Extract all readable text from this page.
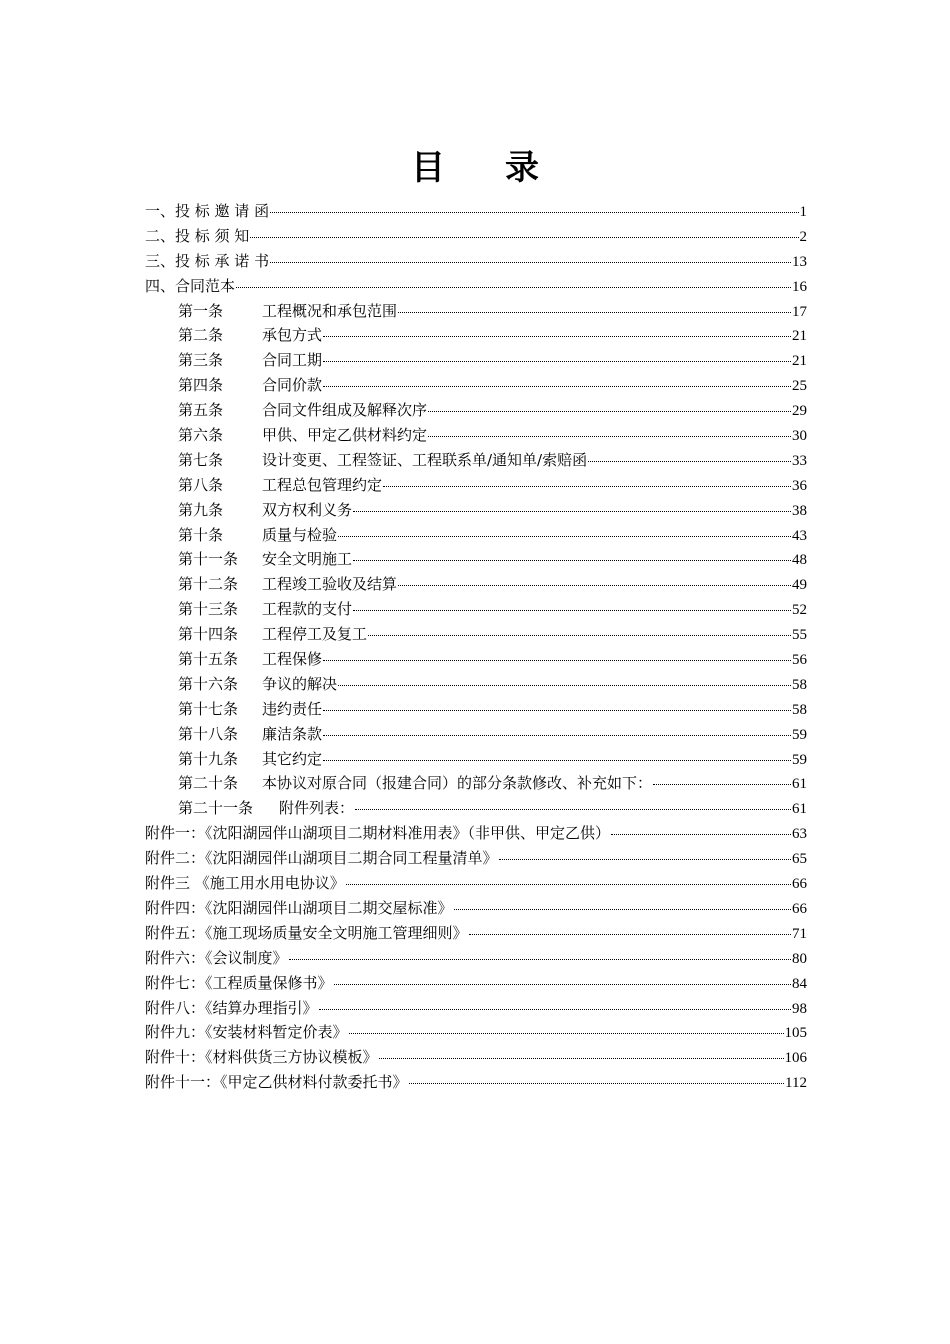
目 录
一、投 标 邀 请 函	1
二、投 标 须 知	2
三、投 标 承 诺 书	13
四、合同范本	16
第一条	工程概况和承包范围	17
第二条	承包方式	21
第三条	合同工期	21
第四条	合同价款	25
第五条	合同文件组成及解释次序	29
第六条	甲供、甲定乙供材料约定	30
第七条	设计变更、工程签证、工程联系单/通知单/索赔函	33
第八条	工程总包管理约定	36
第九条	双方权利义务	38
第十条	质量与检验	43
第十一条	安全文明施工	48
第十二条	工程竣工验收及结算	49
第十三条	工程款的支付	52
第十四条	工程停工及复工	55
第十五条	工程保修	56
第十六条	争议的解决	58
第十七条	违约责任	58
第十八条	廉洁条款	59
第十九条	其它约定	59
第二十条	本协议对原合同（报建合同）的部分条款修改、补充如下：	61
第二十一条	附件列表：	61
附件一：《沈阳湖园伴山湖项目二期材料准用表》（非甲供、甲定乙供）	63
附件二：《沈阳湖园伴山湖项目二期合同工程量清单》	65
附件三 《施工用水用电协议》	66
附件四：《沈阳湖园伴山湖项目二期交屋标准》	66
附件五：《施工现场质量安全文明施工管理细则》	71
附件六：《会议制度》	80
附件七：《工程质量保修书》	84
附件八：《结算办理指引》	98
附件九：《安装材料暂定价表》	105
附件十：《材料供货三方协议模板》	106
附件十一：《甲定乙供材料付款委托书》	112
